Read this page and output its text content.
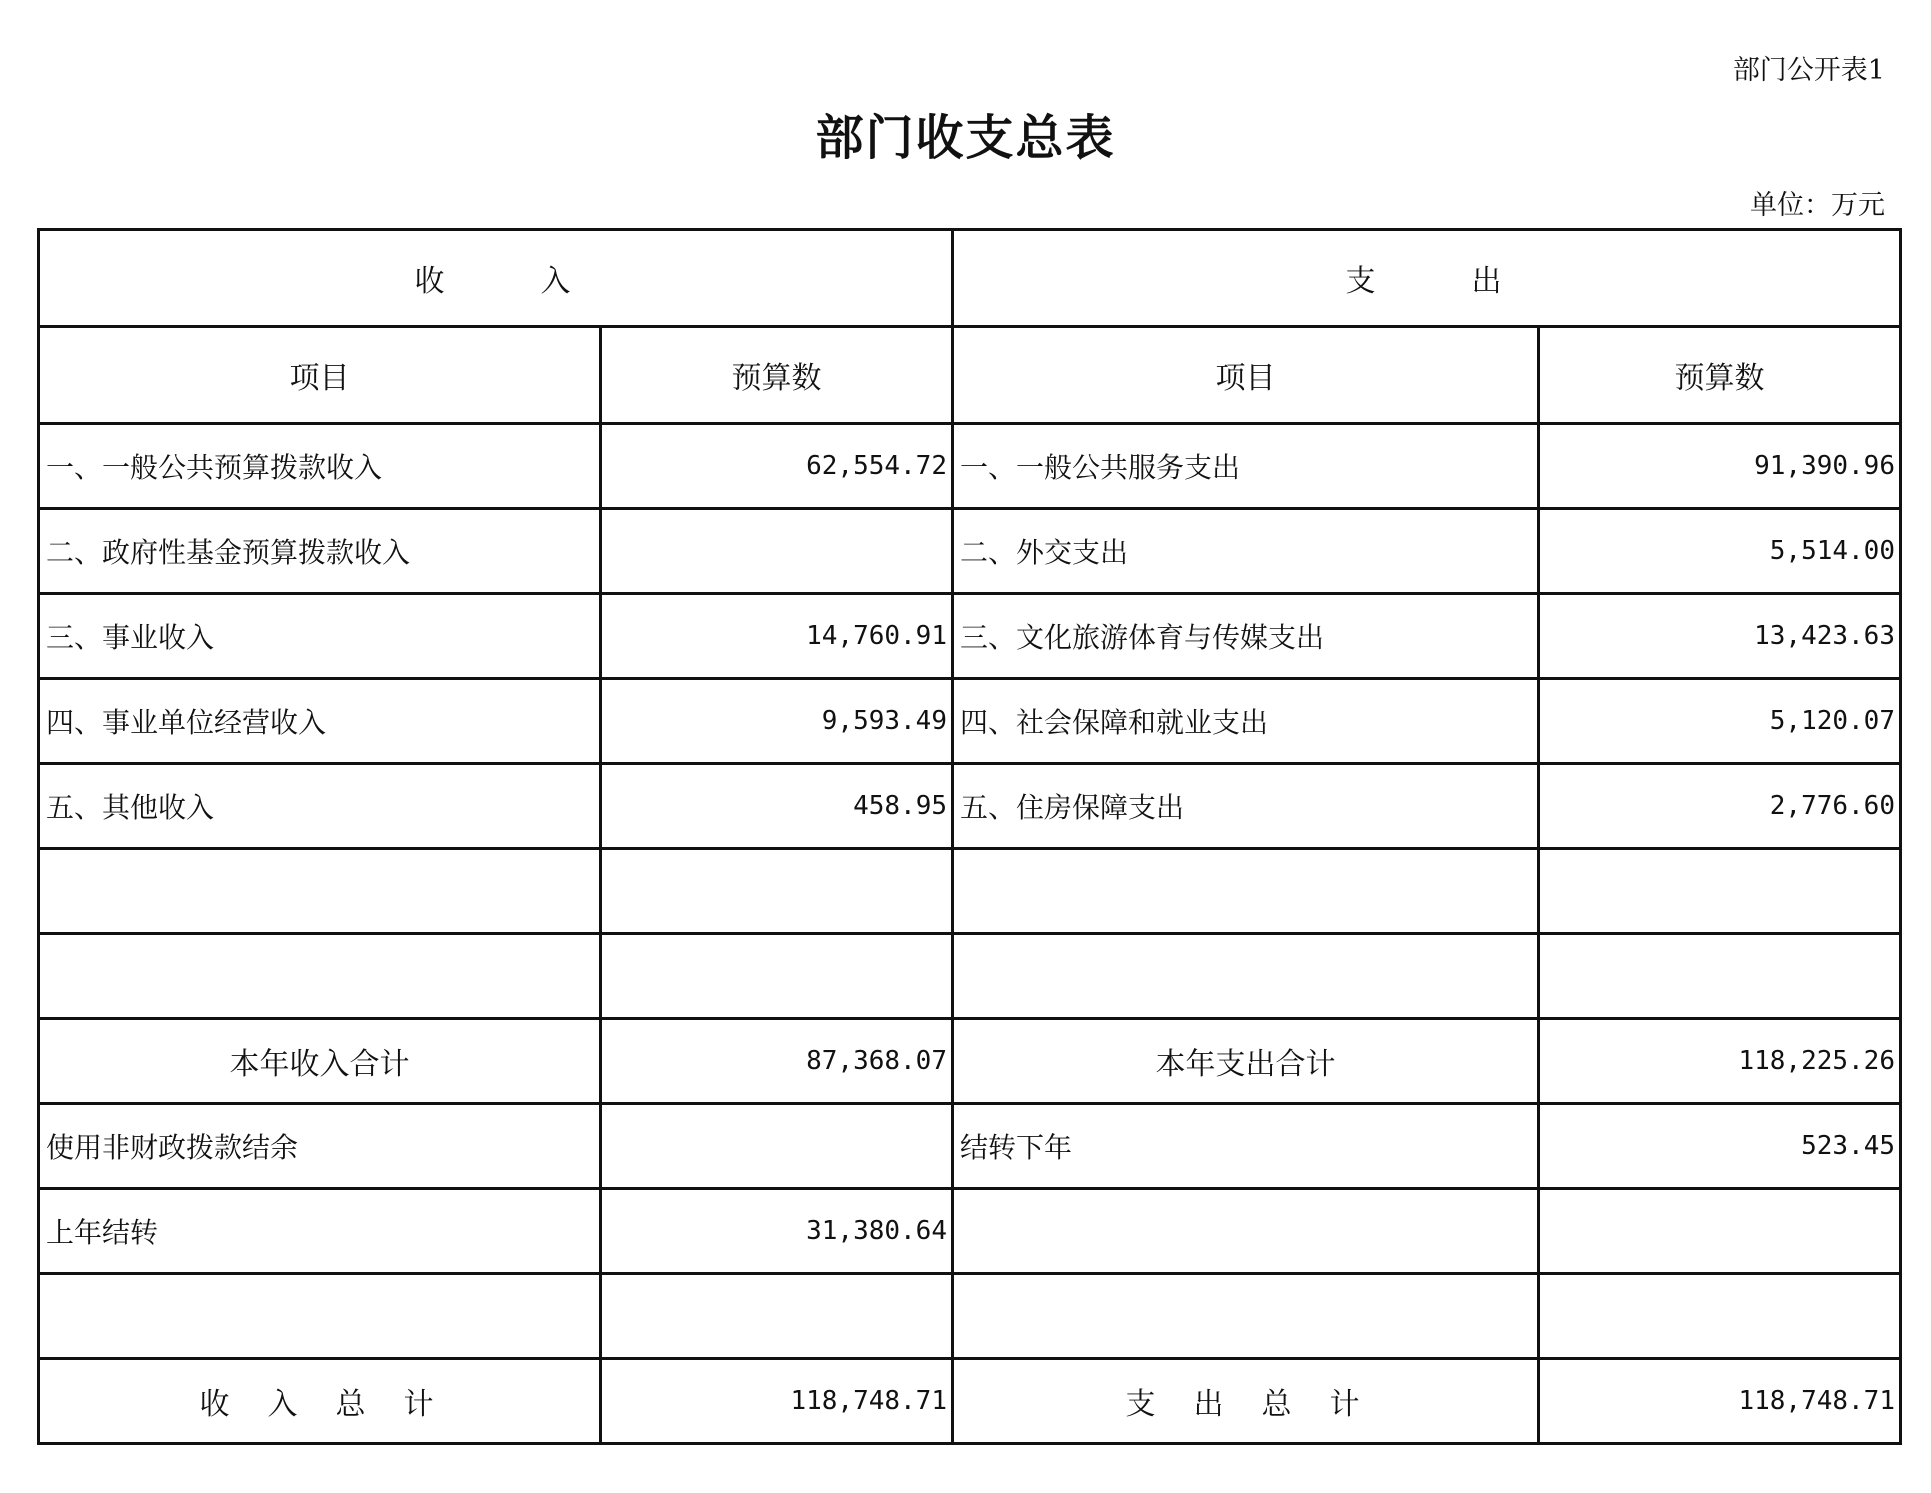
部门公开表1
部门收支总表
单位：万元
收入		支出	
项目	预算数	项目	预算数
一、一般公共预算拨款收入	62,554.72	一、一般公共服务支出	91,390.96
二、政府性基金预算拨款收入		二、外交支出	5,514.00
三、事业收入	14,760.91	三、文化旅游体育与传媒支出	13,423.63
四、事业单位经营收入	9,593.49	四、社会保障和就业支出	5,120.07
五、其他收入	458.95	五、住房保障支出	2,776.60

本年收入合计	87,368.07	本年支出合计	118,225.26
使用非财政拨款结余		结转下年	523.45
上年结转	31,380.64		

收入总计	118,748.71	支出总计	118,748.71
